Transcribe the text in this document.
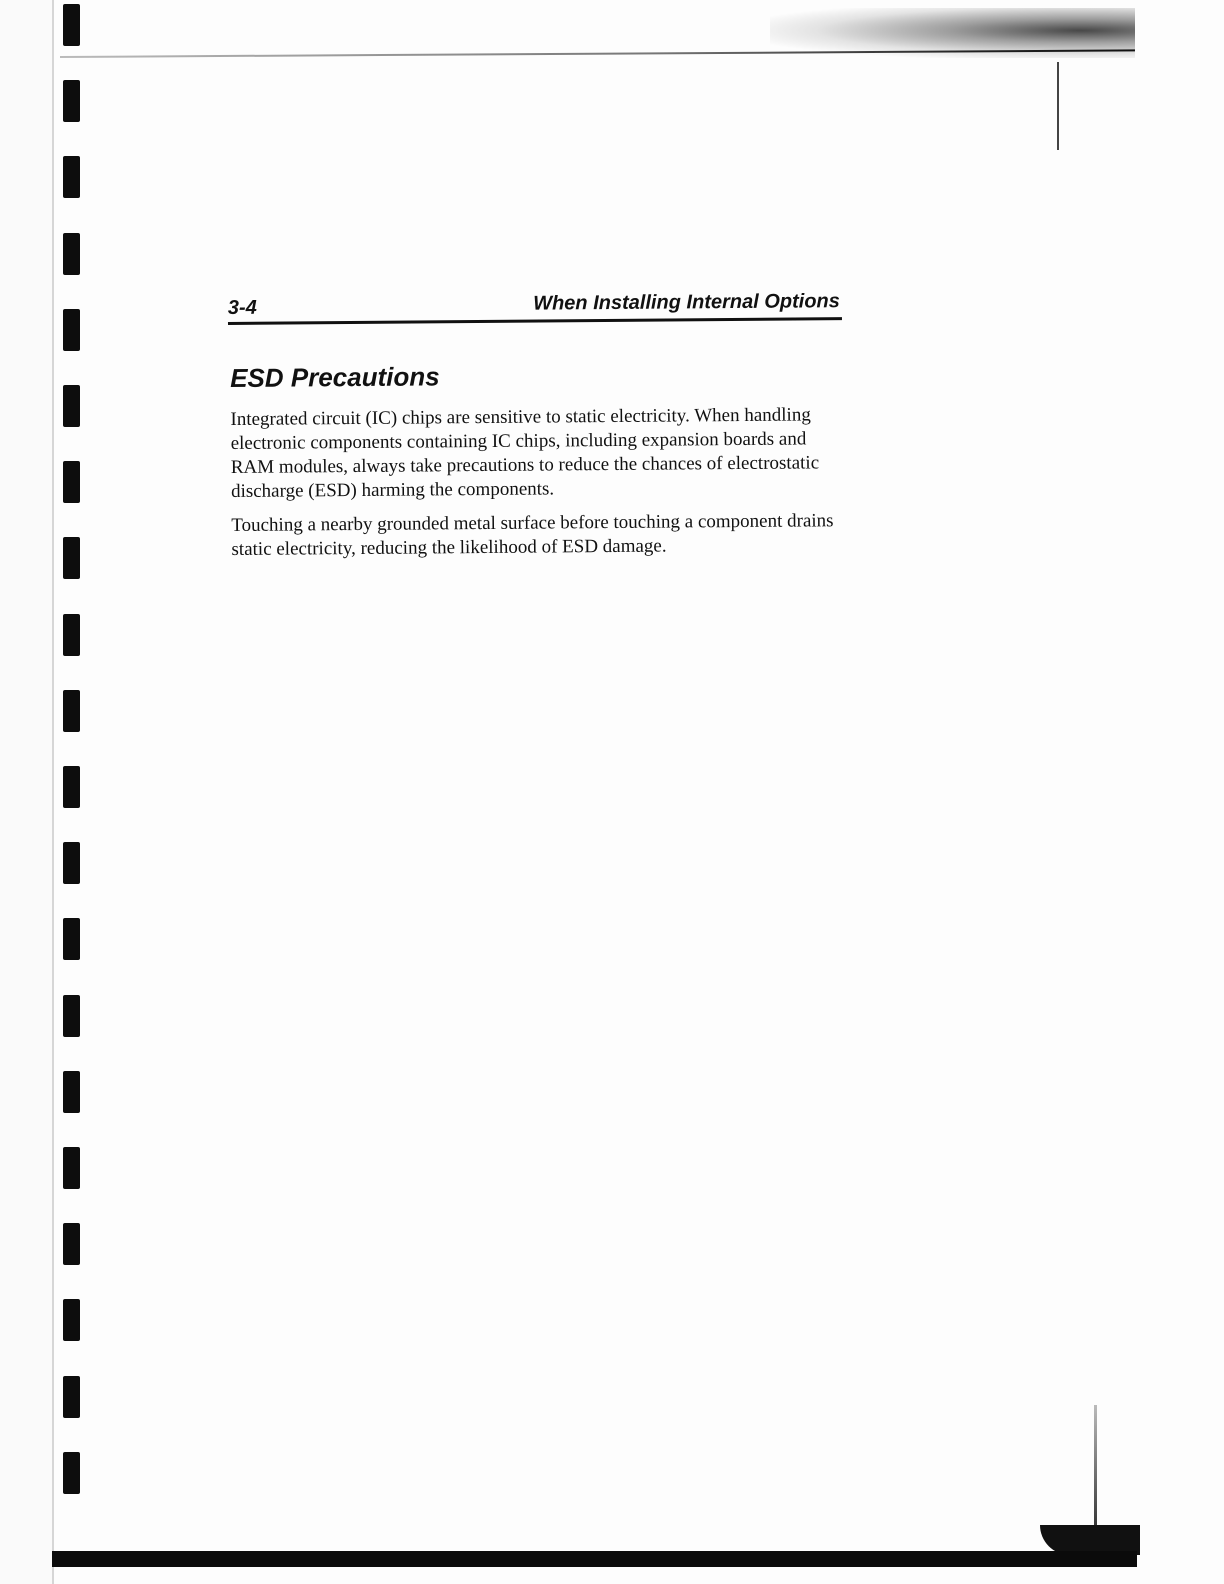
3-4	When Installing Internal Options
ESD Precautions

Integrated circuit (IC) chips are sensitive to static electricity. When handling electronic components containing IC chips, including expansion boards and RAM modules, always take precautions to reduce the chances of electrostatic discharge (ESD) harming the components.

Touching a nearby grounded metal surface before touching a component drains static electricity, reducing the likelihood of ESD damage.
